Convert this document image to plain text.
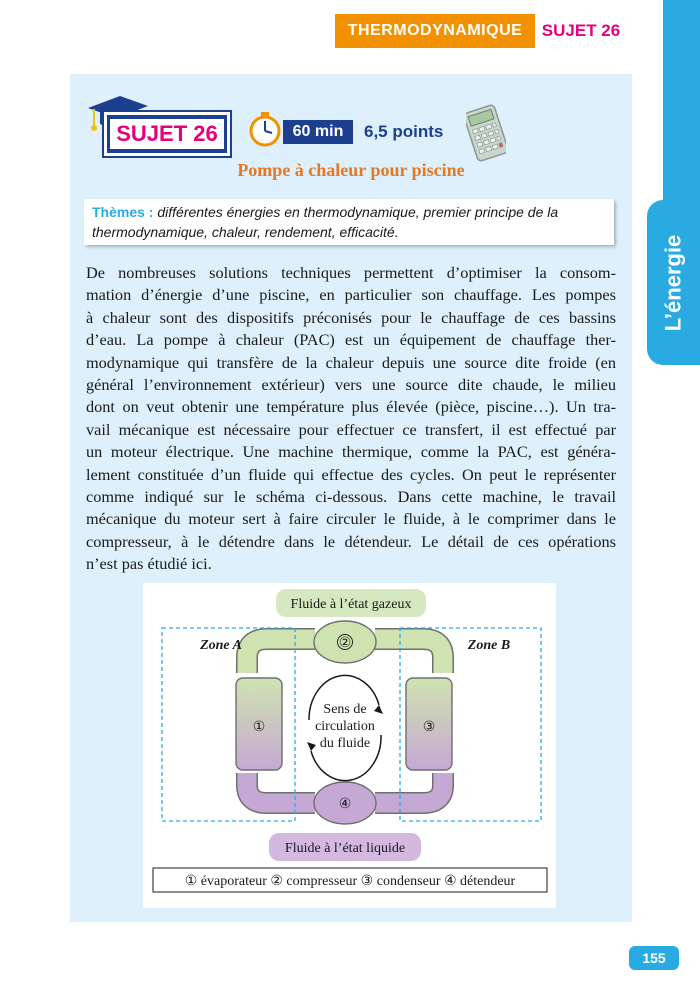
THERMODYNAMIQUE	SUJET 26
L’énergie
SUJET 26	60 min	6,5 points
Pompe à chaleur pour piscine
Thèmes : différentes énergies en thermodynamique, premier principe de la
thermodynamique, chaleur, rendement, efficacité.
De nombreuses solutions techniques permettent d’optimiser la consom-
mation d’énergie d’une piscine, en particulier son chauffage. Les pompes
à chaleur sont des dispositifs préconisés pour le chauffage de ces bassins
d’eau. La pompe à chaleur (PAC) est un équipement de chauffage ther-
modynamique qui transfère de la chaleur depuis une source dite froide (en
général l’environnement extérieur) vers une source dite chaude, le milieu
dont on veut obtenir une température plus élevée (pièce, piscine…). Un tra-
vail mécanique est nécessaire pour effectuer ce transfert, il est effectué par
un moteur électrique. Une machine thermique, comme la PAC, est généra-
lement constituée d’un fluide qui effectue des cycles. On peut le représenter
comme indiqué sur le schéma ci-dessous. Dans cette machine, le travail
mécanique du moteur sert à faire circuler le fluide, à le comprimer dans le
compresseur, à le détendre dans le détendeur. Le détail de ces opérations
n’est pas étudié ici.
Fluide à l’état gazeux
Zone A	Zone B
②
④
①	③
Sens de
circulation
du fluide
Fluide à l’état liquide
① évaporateur ② compresseur ③ condenseur ④ détendeur
155
